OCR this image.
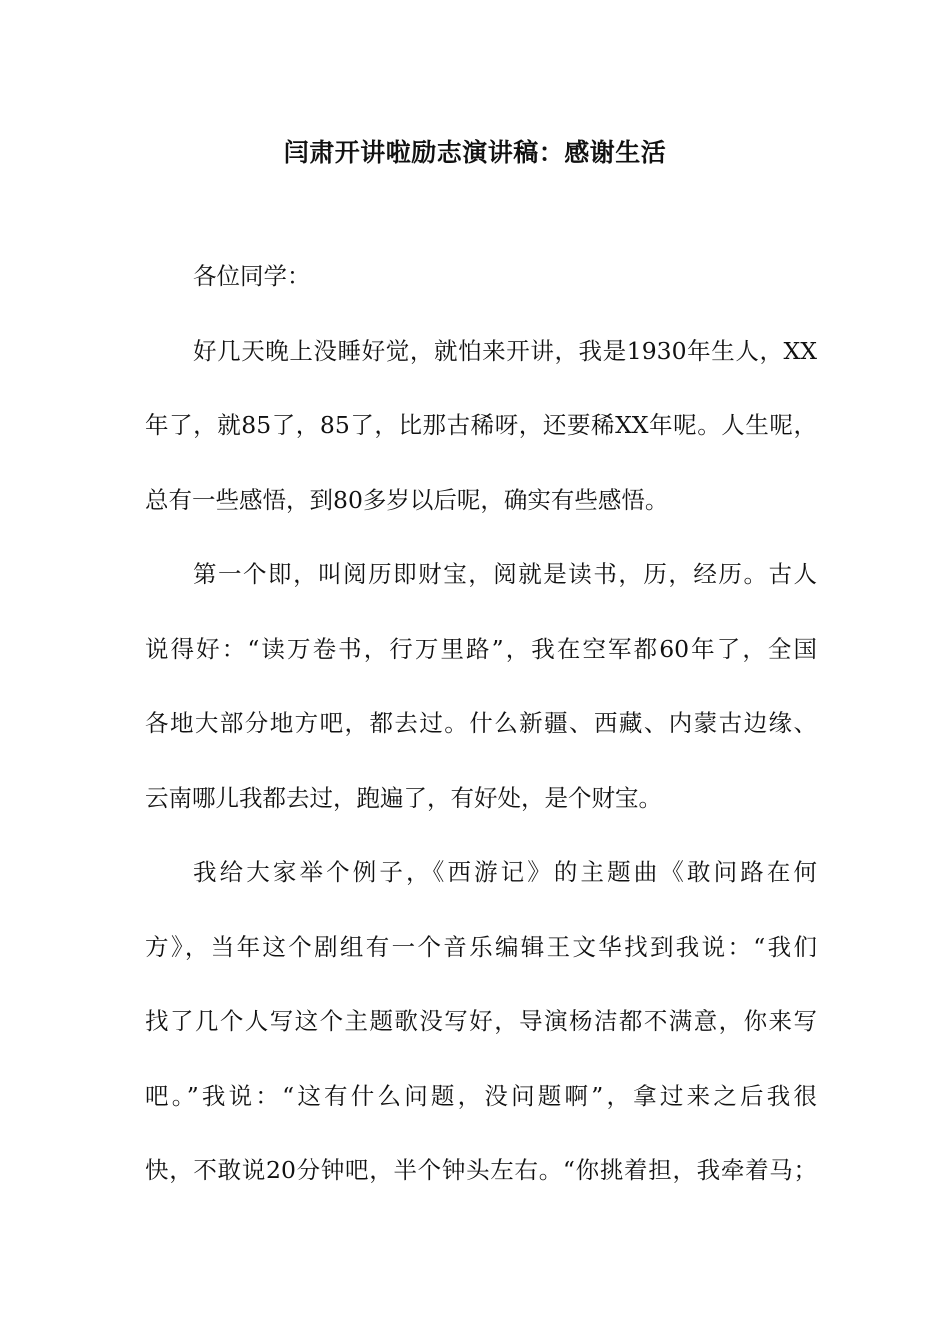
闫肃开讲啦励志演讲稿：感谢生活
各位同学：
好几天晚上没睡好觉，就怕来开讲，我是1930年生人，XX
年了，就85了，85了，比那古稀呀，还要稀XX年呢。人生呢，
总有一些感悟，到80多岁以后呢，确实有些感悟。
第一个即，叫阅历即财宝，阅就是读书，历，经历。古人
说得好：“读万卷书，行万里路”，我在空军都60年了，全国
各地大部分地方吧，都去过。什么新疆、西藏、内蒙古边缘、
云南哪儿我都去过，跑遍了，有好处，是个财宝。
我给大家举个例子，《西游记》的主题曲《敢问路在何
方》，当年这个剧组有一个音乐编辑王文华找到我说：“我们
找了几个人写这个主题歌没写好，导演杨洁都不满意，你来写
吧。”我说：“这有什么问题，没问题啊”，拿过来之后我很
快，不敢说20分钟吧，半个钟头左右。“你挑着担，我牵着马；
